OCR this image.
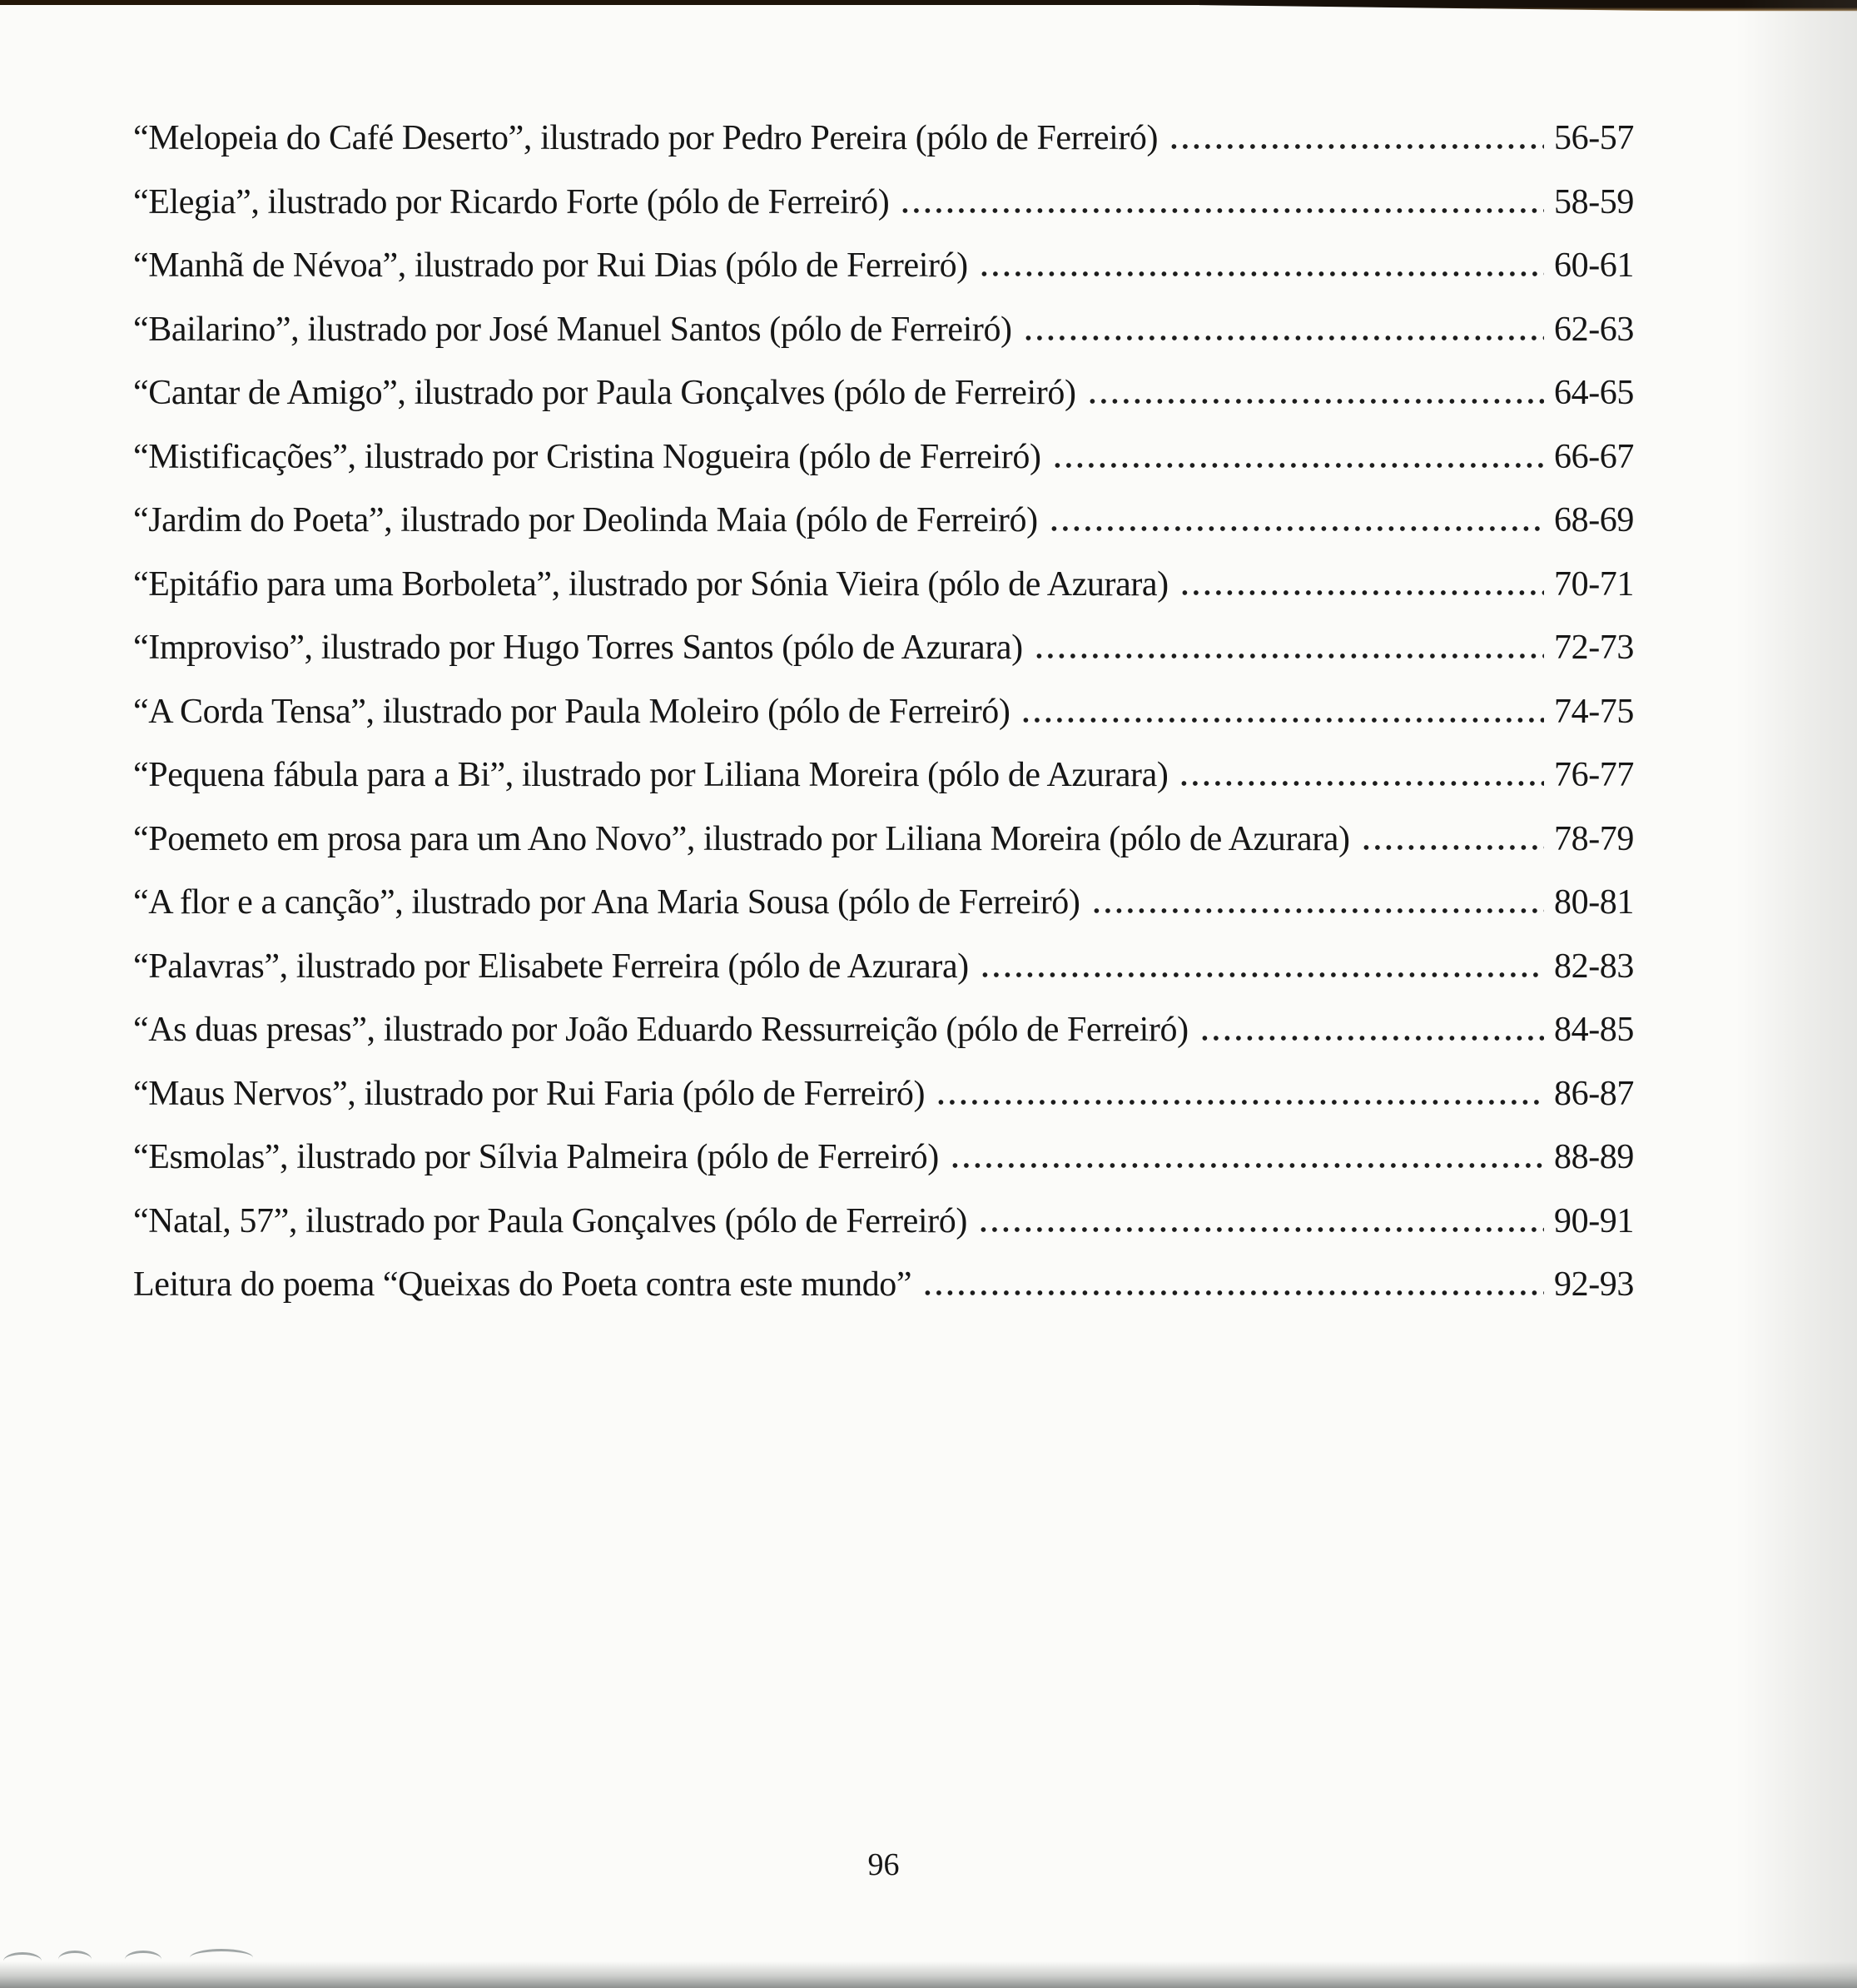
“Melopeia do Café Deserto”, ilustrado por Pedro Pereira (pólo de Ferreiró)	56-57
“Elegia”, ilustrado por Ricardo Forte (pólo de Ferreiró)	58-59
“Manhã de Névoa”, ilustrado por Rui Dias (pólo de Ferreiró)	60-61
“Bailarino”, ilustrado por José Manuel Santos (pólo de Ferreiró)	62-63
“Cantar de Amigo”, ilustrado por Paula Gonçalves (pólo de Ferreiró)	64-65
“Mistificações”, ilustrado por Cristina Nogueira (pólo de Ferreiró)	66-67
“Jardim do Poeta”, ilustrado por Deolinda Maia (pólo de Ferreiró)	68-69
“Epitáfio para uma Borboleta”, ilustrado por Sónia Vieira (pólo de Azurara)	70-71
“Improviso”, ilustrado por Hugo Torres Santos (pólo de Azurara)	72-73
“A Corda Tensa”, ilustrado por Paula Moleiro (pólo de Ferreiró)	74-75
“Pequena fábula para a Bi”, ilustrado por Liliana Moreira (pólo de Azurara)	76-77
“Poemeto em prosa para um Ano Novo”, ilustrado por Liliana Moreira (pólo de Azurara)	78-79
“A flor e a canção”, ilustrado por Ana Maria Sousa (pólo de Ferreiró)	80-81
“Palavras”, ilustrado por Elisabete Ferreira (pólo de Azurara)	82-83
“As duas presas”, ilustrado por João Eduardo Ressurreição (pólo de Ferreiró)	84-85
“Maus Nervos”, ilustrado por Rui Faria (pólo de Ferreiró)	86-87
“Esmolas”, ilustrado por Sílvia Palmeira (pólo de Ferreiró)	88-89
“Natal, 57”, ilustrado por Paula Gonçalves (pólo de Ferreiró)	90-91
Leitura do poema “Queixas do Poeta contra este mundo”	92-93
96
